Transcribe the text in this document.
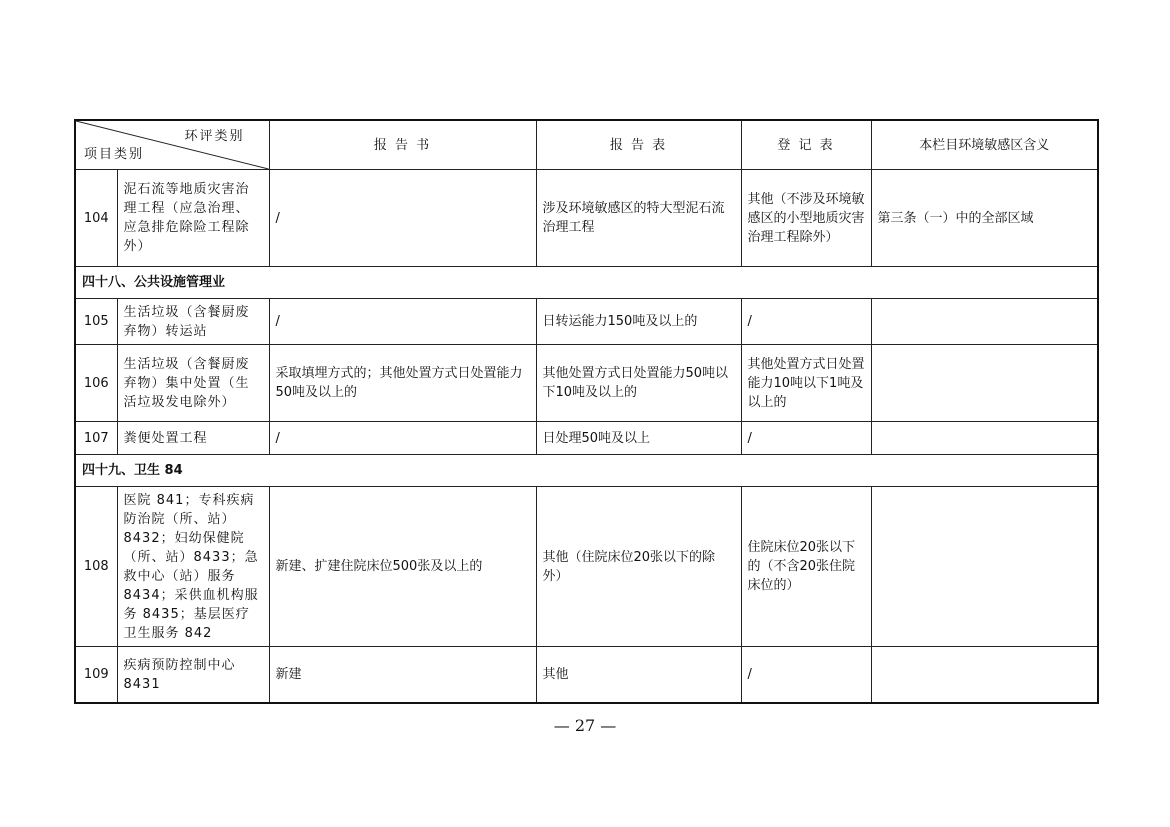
环评类别
项目类别		报 告 书	报 告 表	登 记 表	本栏目环境敏感区含义
104	泥石流等地质灾害治理工程（应急治理、应急排危除险工程除外）	/	涉及环境敏感区的特大型泥石流治理工程	其他（不涉及环境敏感区的小型地质灾害治理工程除外）	第三条（一）中的全部区域
四十八、公共设施管理业					
105	生活垃圾（含餐厨废弃物）转运站	/	日转运能力150吨及以上的	/	
106	生活垃圾（含餐厨废弃物）集中处置（生活垃圾发电除外）	采取填埋方式的；其他处置方式日处置能力50吨及以上的	其他处置方式日处置能力50吨以下10吨及以上的	其他处置方式日处置能力10吨以下1吨及以上的	
107	粪便处置工程	/	日处理50吨及以上	/	
四十九、卫生 84					
108	医院 841；专科疾病防治院（所、站）8432；妇幼保健院（所、站）8433；急救中心（站）服务 8434；采供血机构服务 8435；基层医疗卫生服务 842	新建、扩建住院床位500张及以上的	其他（住院床位20张以下的除外）	住院床位20张以下的（不含20张住院床位的）	
109	疾病预防控制中心 8431	新建	其他	/	
— 27 —
